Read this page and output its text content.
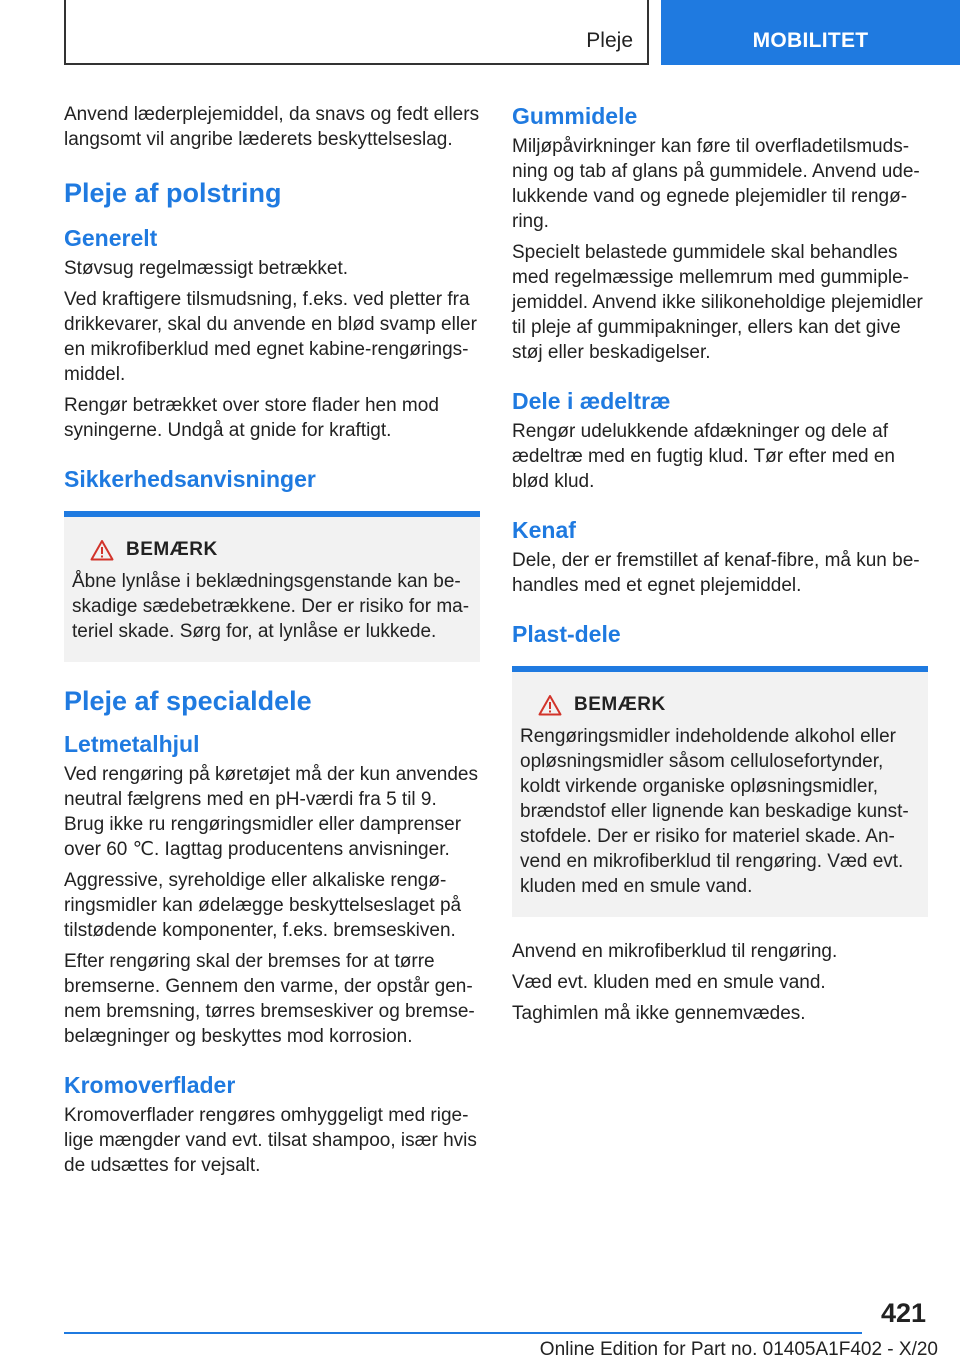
Pleje	MOBILITET

Anvend læderplejemiddel, da snavs og fedt ellers langsomt vil angribe læderets beskyttelseslag.

Pleje af polstring
Generelt

Støvsug regelmæssigt betrækket.

Ved kraftigere tilsmudsning, f.eks. ved pletter fra drikkevarer, skal du anvende en blød svamp eller en mikrofiberklud med egnet kabine-rengørings-middel.

Rengør betrækket over store flader hen mod syningerne. Undgå at gnide for kraftigt.

Sikkerhedsanvisninger
BEMÆRK

Åbne lynlåse i beklædningsgenstande kan be-skadige sædebetrækkene. Der er risiko for ma-teriel skade. Sørg for, at lynlåse er lukkede.

Pleje af specialdele
Letmetalhjul

Ved rengøring på køretøjet må der kun anvendes neutral fælgrens med en pH-værdi fra 5 til 9. Brug ikke ru rengøringsmidler eller damprenser over 60 ℃. Iagttag producentens anvisninger.

Aggressive, syreholdige eller alkaliske rengø-ringsmidler kan ødelægge beskyttelseslaget på tilstødende komponenter, f.eks. bremseskiven.

Efter rengøring skal der bremses for at tørre bremserne. Gennem den varme, der opstår gen-nem bremsning, tørres bremseskiver og bremse-belægninger og beskyttes mod korrosion.

Kromoverflader

Kromoverflader rengøres omhyggeligt med rige-lige mængder vand evt. tilsat shampoo, især hvis de udsættes for vejsalt.

Gummidele

Miljøpåvirkninger kan føre til overfladetilsmuds-ning og tab af glans på gummidele. Anvend ude-lukkende vand og egnede plejemidler til rengø-ring.

Specielt belastede gummidele skal behandles med regelmæssige mellemrum med gummiple-jemiddel. Anvend ikke silikoneholdige plejemidler til pleje af gummipakninger, ellers kan det give støj eller beskadigelser.

Dele i ædeltræ

Rengør udelukkende afdækninger og dele af ædeltræ med en fugtig klud. Tør efter med en blød klud.

Kenaf

Dele, der er fremstillet af kenaf-fibre, må kun be-handles med et egnet plejemiddel.

Plast-dele
BEMÆRK

Rengøringsmidler indeholdende alkohol eller opløsningsmidler såsom cellulosefortynder, koldt virkende organiske opløsningsmidler, brændstof eller lignende kan beskadige kunst-stofdele. Der er risiko for materiel skade. An-vend en mikrofiberklud til rengøring. Væd evt. kluden med en smule vand.

Anvend en mikrofiberklud til rengøring.

Væd evt. kluden med en smule vand.

Taghimlen må ikke gennemvædes.

421
Online Edition for Part no. 01405A1F402 - X/20
